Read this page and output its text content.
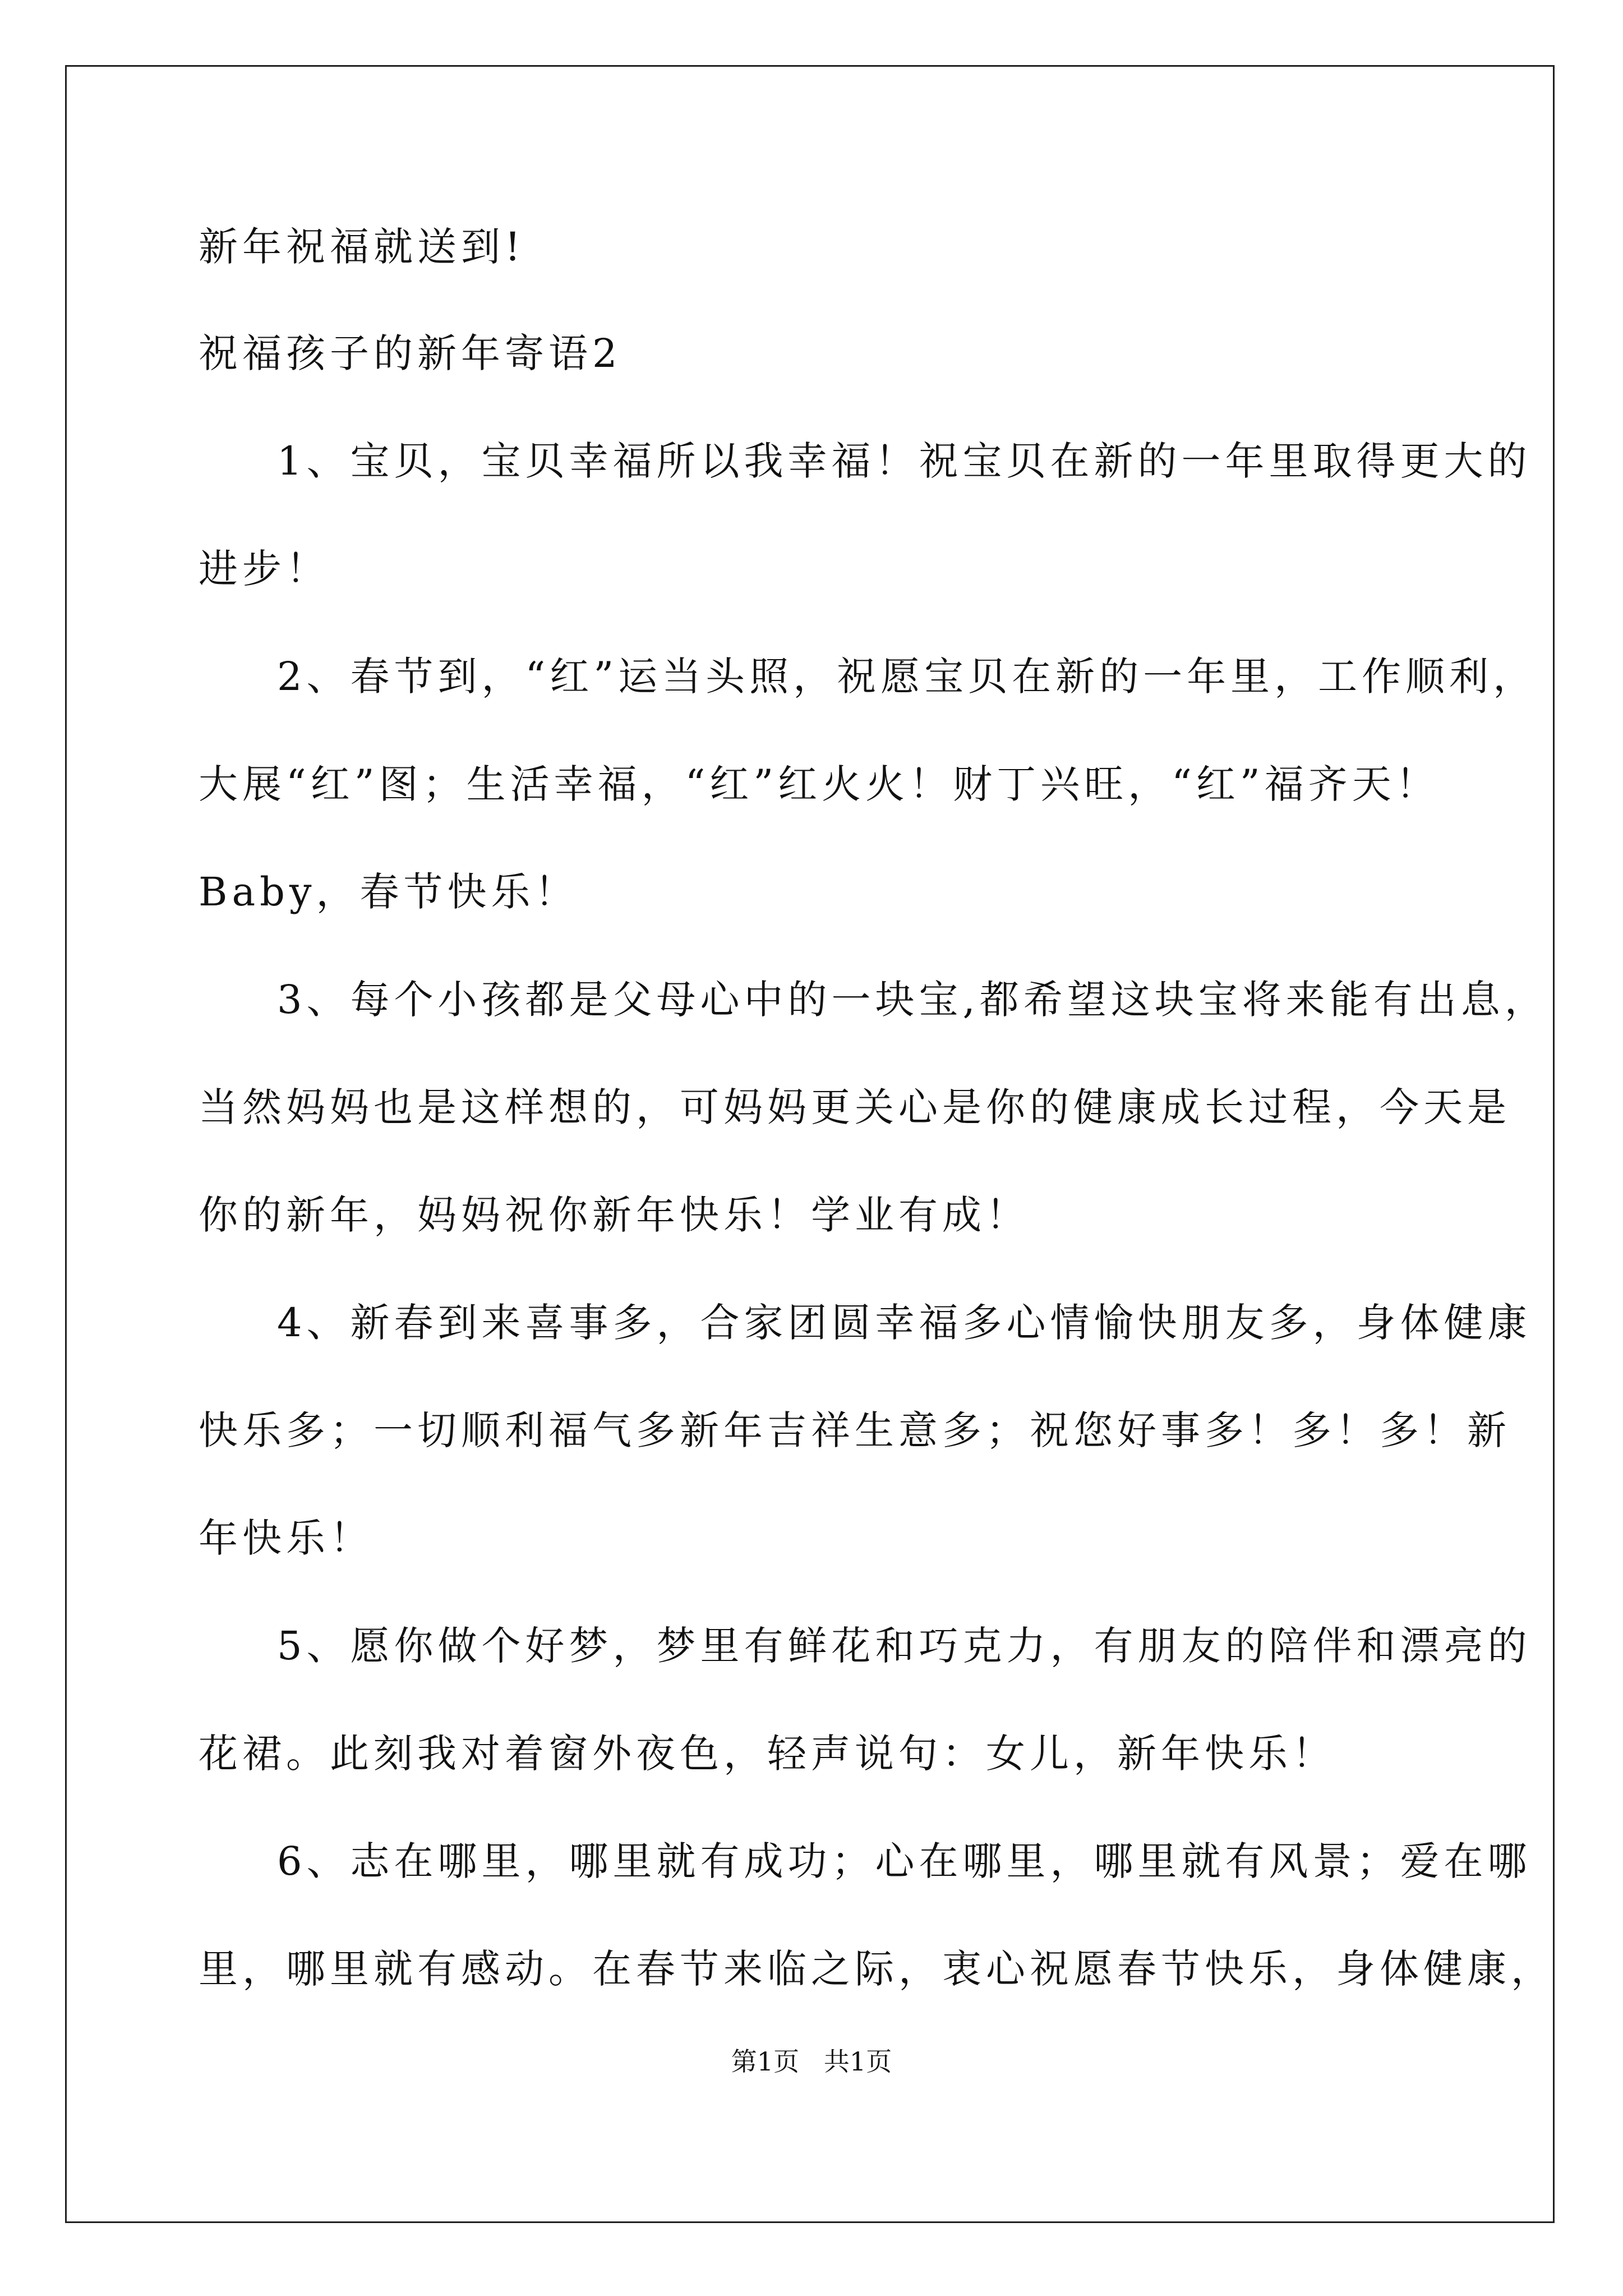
新年祝福就送到!
祝福孩子的新年寄语2
1、宝贝，宝贝幸福所以我幸福！祝宝贝在新的一年里取得更大的
进步！
2、春节到，“红”运当头照，祝愿宝贝在新的一年里，工作顺利，
大展“红”图；生活幸福，“红”红火火！财丁兴旺，“红”福齐天！
Baby，春节快乐！
3、每个小孩都是父母心中的一块宝,都希望这块宝将来能有出息，
当然妈妈也是这样想的，可妈妈更关心是你的健康成长过程，今天是
你的新年，妈妈祝你新年快乐！学业有成！
4、新春到来喜事多，合家团圆幸福多心情愉快朋友多，身体健康
快乐多；一切顺利福气多新年吉祥生意多；祝您好事多！多！多！新
年快乐！
5、愿你做个好梦，梦里有鲜花和巧克力，有朋友的陪伴和漂亮的
花裙。此刻我对着窗外夜色，轻声说句：女儿，新年快乐！
6、志在哪里，哪里就有成功；心在哪里，哪里就有风景；爱在哪
里，哪里就有感动。在春节来临之际，衷心祝愿春节快乐，身体健康，
第1页   共1页
